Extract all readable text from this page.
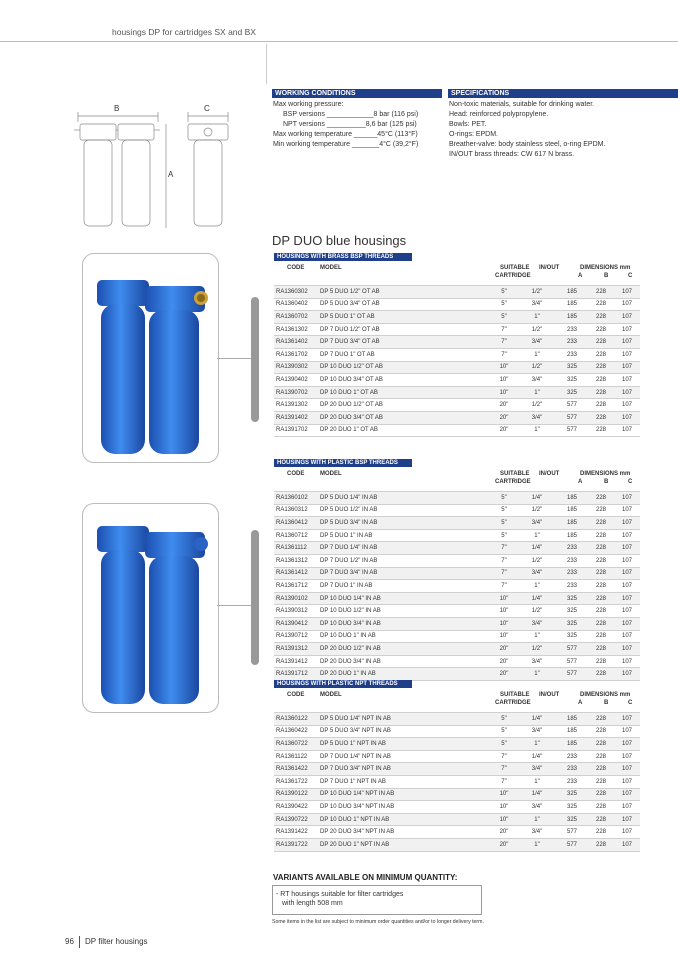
housings DP for cartridges SX and BX
B	C
A
WORKING CONDITIONS
Max working pressure:
BSP versions ____________8 bar (116 psi)
NPT versions __________8,6 bar (125 psi)
Max working temperature ______45°C (113°F)
Min working temperature _______4°C (39,2°F)
SPECIFICATIONS
Non-toxic materials, suitable for drinking water.
Head: reinforced polypropylene.
Bowls: PET.
O-rings: EPDM.
Breather-valve: body stainless steel, o-ring EPDM.
IN/OUT brass threads: CW 617 N brass.
DP DUO blue housings
HOUSINGS WITH BRASS BSP THREADS
CODE	MODEL	SUITABLE
CARTRIDGE
IN/OUT	DIMENSIONS mm
A	B	C
RA1360302	DP 5 DUO 1/2" OT AB	5"	1/2"	185	228	107
RA1360402	DP 5 DUO 3/4" OT AB	5"	3/4"	185	228	107
RA1360702	DP 5 DUO 1" OT AB	5"	1"	185	228	107
RA1361302	DP 7 DUO 1/2" OT AB	7"	1/2"	233	228	107
RA1361402	DP 7 DUO 3/4" OT AB	7"	3/4"	233	228	107
RA1361702	DP 7 DUO 1" OT AB	7"	1"	233	228	107
RA1390302	DP 10 DUO 1/2" OT AB	10"	1/2"	325	228	107
RA1390402	DP 10 DUO 3/4" OT AB	10"	3/4"	325	228	107
RA1390702	DP 10 DUO 1" OT AB	10"	1"	325	228	107
RA1391302	DP 20 DUO 1/2" OT AB	20"	1/2"	577	228	107
RA1391402	DP 20 DUO 3/4" OT AB	20"	3/4"	577	228	107
RA1391702	DP 20 DUO 1" OT AB	20"	1"	577	228	107
HOUSINGS WITH PLASTIC BSP THREADS
CODE	MODEL	SUITABLE
CARTRIDGE
IN/OUT	DIMENSIONS mm
A	B	C
RA1360102	DP 5 DUO 1/4" IN AB	5"	1/4"	185	228	107
RA1360312	DP 5 DUO 1/2" IN AB	5"	1/2"	185	228	107
RA1360412	DP 5 DUO 3/4" IN AB	5"	3/4"	185	228	107
RA1360712	DP 5 DUO 1" IN AB	5"	1"	185	228	107
RA1361112	DP 7 DUO 1/4" IN AB	7"	1/4"	233	228	107
RA1361312	DP 7 DUO 1/2" IN AB	7"	1/2"	233	228	107
RA1361412	DP 7 DUO 3/4" IN AB	7"	3/4"	233	228	107
RA1361712	DP 7 DUO 1" IN AB	7"	1"	233	228	107
RA1390102	DP 10 DUO 1/4" IN AB	10"	1/4"	325	228	107
RA1390312	DP 10 DUO 1/2" IN AB	10"	1/2"	325	228	107
RA1390412	DP 10 DUO 3/4" IN AB	10"	3/4"	325	228	107
RA1390712	DP 10 DUO 1" IN AB	10"	1"	325	228	107
RA1391312	DP 20 DUO 1/2" IN AB	20"	1/2"	577	228	107
RA1391412	DP 20 DUO 3/4" IN AB	20"	3/4"	577	228	107
RA1391712	DP 20 DUO 1" IN AB	20"	1"	577	228	107
HOUSINGS WITH PLASTIC NPT THREADS
CODE	MODEL	SUITABLE
CARTRIDGE
IN/OUT	DIMENSIONS mm
A	B	C
RA1360122	DP 5 DUO 1/4" NPT IN AB	5"	1/4"	185	228	107
RA1360422	DP 5 DUO 3/4" NPT IN AB	5"	3/4"	185	228	107
RA1360722	DP 5 DUO 1" NPT IN AB	5"	1"	185	228	107
RA1361122	DP 7 DUO 1/4" NPT IN AB	7"	1/4"	233	228	107
RA1361422	DP 7 DUO 3/4" NPT IN AB	7"	3/4"	233	228	107
RA1361722	DP 7 DUO 1" NPT IN AB	7"	1"	233	228	107
RA1390122	DP 10 DUO 1/4" NPT IN AB	10"	1/4"	325	228	107
RA1390422	DP 10 DUO 3/4" NPT IN AB	10"	3/4"	325	228	107
RA1390722	DP 10 DUO 1" NPT IN AB	10"	1"	325	228	107
RA1391422	DP 20 DUO 3/4" NPT IN AB	20"	3/4"	577	228	107
RA1391722	DP 20 DUO 1" NPT IN AB	20"	1"	577	228	107
VARIANTS AVAILABLE ON MINIMUM QUANTITY:
- RT housings suitable for filter cartridges
with length 508 mm
Some items in the list are subject to minimum order quantities and/or to longer delivery term.
96 DP filter housings
